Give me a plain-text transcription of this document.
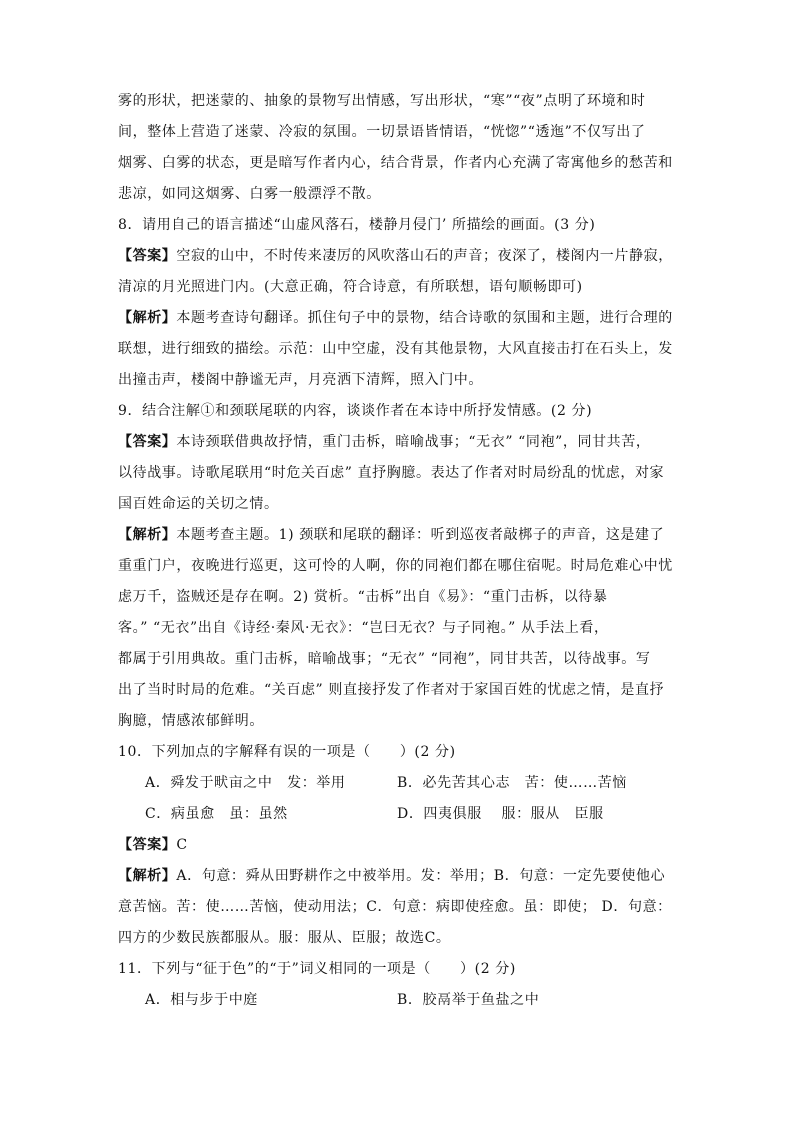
雾的形状，把迷蒙的、抽象的景物写出情感，写出形状，“寒”“夜”点明了环境和时
间，整体上营造了迷蒙、冷寂的氛围。一切景语皆情语，“恍惚”“透迤”不仅写出了
烟雾、白雾的状态，更是暗写作者内心，结合背景，作者内心充满了寄寓他乡的愁苦和
悲凉，如同这烟雾、白雾一般漂浮不散。
8．请用自己的语言描述“山虚风落石，楼静月侵门’ 所描绘的画面。(3 分)
【答案】空寂的山中，不时传来凄厉的风吹落山石的声音；夜深了，楼阁内一片静寂，
清凉的月光照进门内。(大意正确，符合诗意，有所联想，语句顺畅即可)
【解析】本题考查诗句翻译。抓住句子中的景物，结合诗歌的氛围和主题，进行合理的
联想，进行细致的描绘。示范：山中空虚，没有其他景物，大风直接击打在石头上，发
出撞击声，楼阁中静谧无声，月亮洒下清辉，照入门中。
9．结合注解①和颈联尾联的内容，谈谈作者在本诗中所抒发情感。(2 分)
【答案】本诗颈联借典故抒情，重门击柝，暗喻战事；“无衣” “同袍”，同甘共苦，
以待战事。诗歌尾联用“时危关百虑” 直抒胸臆。表达了作者对时局纷乱的忧虑，对家
国百姓命运的关切之情。
【解析】本题考查主题。1) 颈联和尾联的翻译：听到巡夜者敲梆子的声音，这是建了
重重门户，夜晚进行巡更，这可怜的人啊，你的同袍们都在哪住宿呢。时局危难心中忧
虑万千，盗贼还是存在啊。2) 赏析。“击柝”出自《易》：“重门击柝，以待暴
客。” “无衣”出自《诗经·秦风·无衣》：“岂曰无衣？与子同袍。” 从手法上看，
都属于引用典故。重门击柝，暗喻战事；“无衣” “同袍”，同甘共苦，以待战事。写
出了当时时局的危难。“关百虑” 则直接抒发了作者对于家国百姓的忧虑之情，是直抒
胸臆，情感浓郁鲜明。
10．下列加点的字解释有误的一项是（　　）(2 分)
A．舜发于畎亩之中　发：举用	B．必先苦其心志　苦：使……苦恼
C．病虽愈　虽：虽然	D．四夷俱服　 服：服从　臣服
【答案】C
【解析】A．句意：舜从田野耕作之中被举用。发：举用；B．句意：一定先要使他心
意苦恼。苦：使……苦恼，使动用法；C．句意：病即使痊愈。虽：即使； D．句意：
四方的少数民族都服从。服：服从、臣服；故选C。
11．下列与“征于色”的“于”词义相同的一项是（　　）(2 分)
A．相与步于中庭	B．胶鬲举于鱼盐之中
